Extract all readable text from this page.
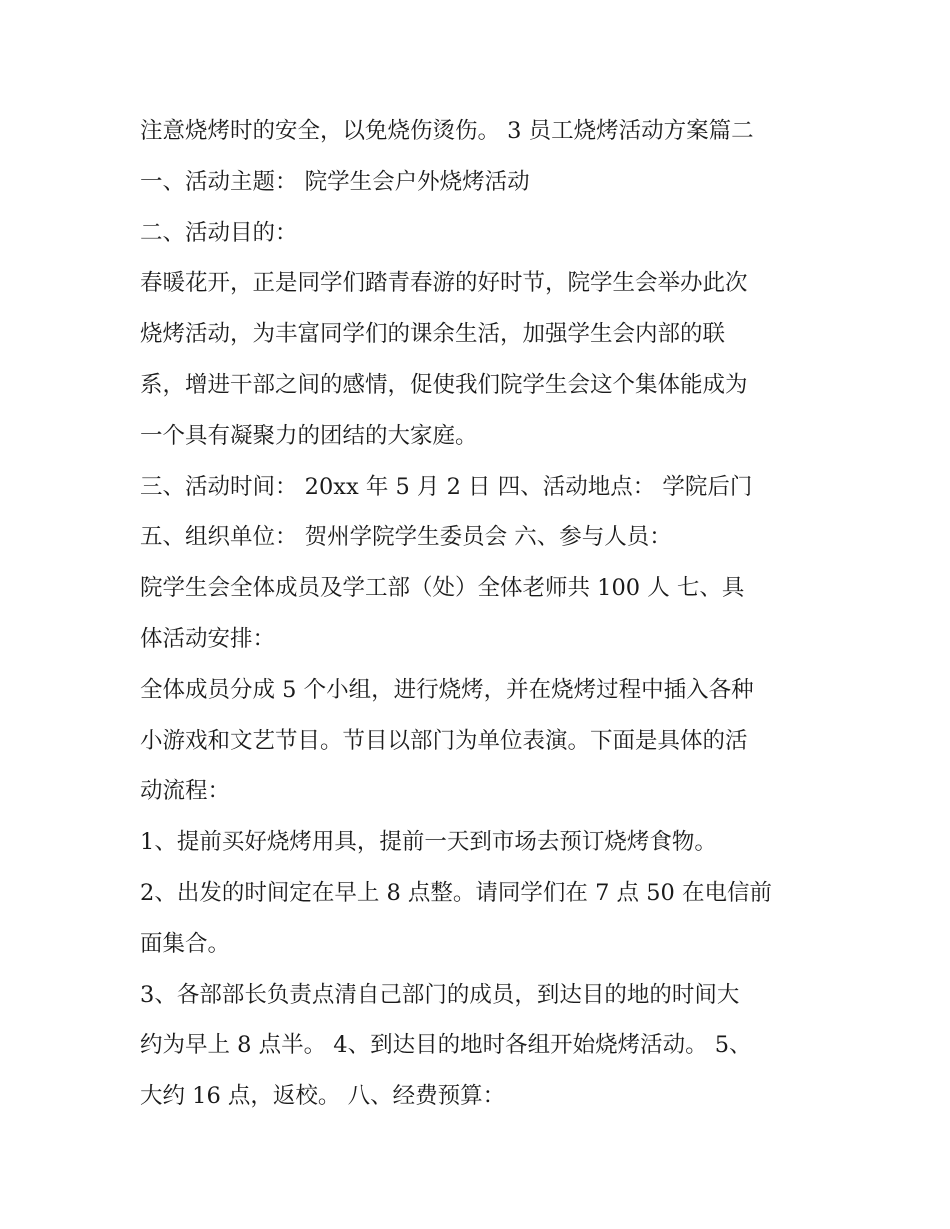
注意烧烤时的安全，以免烧伤烫伤。 3 员工烧烤活动方案篇二
一、活动主题： 院学生会户外烧烤活动
二、活动目的：
春暖花开，正是同学们踏青春游的好时节，院学生会举办此次
烧烤活动，为丰富同学们的课余生活，加强学生会内部的联
系，增进干部之间的感情，促使我们院学生会这个集体能成为
一个具有凝聚力的团结的大家庭。
三、活动时间： 20xx 年 5 月 2 日 四、活动地点： 学院后门
五、组织单位： 贺州学院学生委员会 六、参与人员：
院学生会全体成员及学工部（处）全体老师共 100 人 七、具
体活动安排：
全体成员分成 5 个小组，进行烧烤，并在烧烤过程中插入各种
小游戏和文艺节目。节目以部门为单位表演。下面是具体的活
动流程：
1、提前买好烧烤用具，提前一天到市场去预订烧烤食物。
2、出发的时间定在早上 8 点整。请同学们在 7 点 50 在电信前
面集合。
3、各部部长负责点清自己部门的成员，到达目的地的时间大
约为早上 8 点半。 4、到达目的地时各组开始烧烤活动。 5、
大约 16 点，返校。 八、经费预算：
